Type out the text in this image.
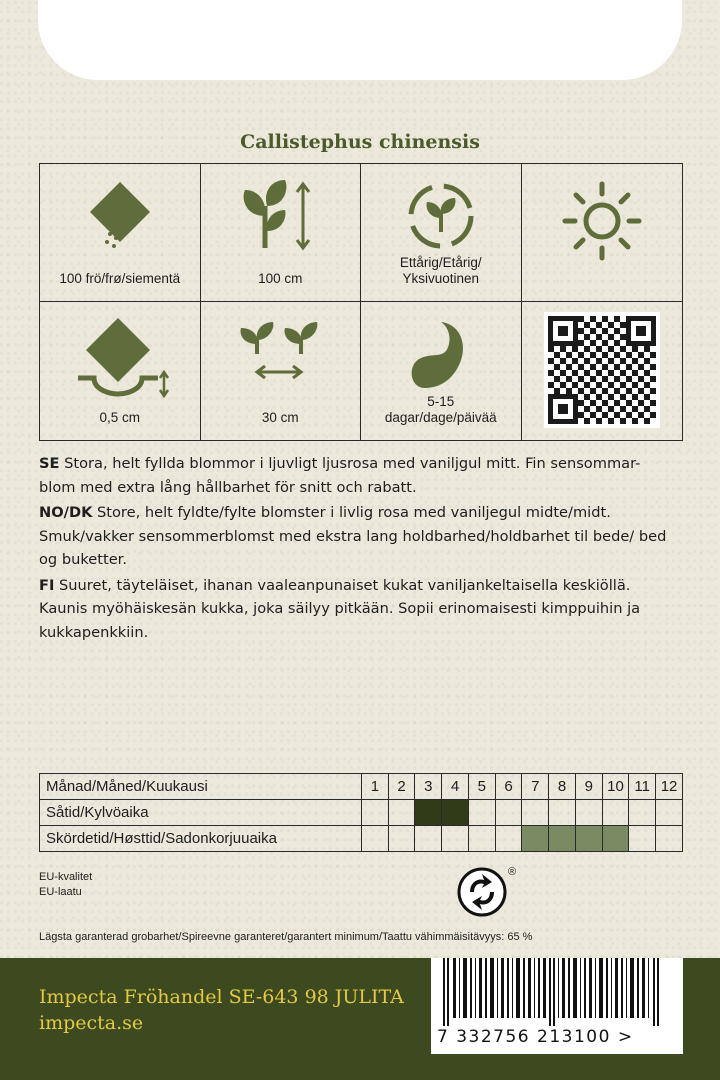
Callistephus chinensis
100 frö/frø/siementä	100 cm
Ettårig/Etårig/
Yksivuotinen
0,5 cm	30 cm
5-15
dagar/dage/päivää

SE Stora, helt fyllda blommor i ljuvligt ljusrosa med vaniljgul mitt. Fin sensommar- blom med extra lång hållbarhet för snitt och rabatt.

NO/DK Store, helt fyldte/fylte blomster i livlig rosa med vaniljegul midte/midt. Smuk/vakker sensommerblomst med ekstra lang holdbarhed/holdbarhet til bede/ bed og buketter.

FI Suuret, täyteläiset, ihanan vaaleanpunaiset kukat vaniljankeltaisella keskiöllä. Kaunis myöhäiskesän kukka, joka säilyy pitkään. Sopii erinomaisesti kimppuihin ja kukkapenkkiin.

Månad/Måned/Kuukausi	1	2	3	4	5	6	7	8	9	10	11	12
Såtid/Kylvöaika												
Skördetid/Høsttid/Sadonkorjuuaika												
EU-kvalitet
EU-laatu
®
Lägsta garanterad grobarhet/Spireevne garanteret/garantert minimum/Taattu vähimmäisitävyys: 65 %
Impecta Fröhandel SE-643 98 JULITA
impecta.se
7 332756 213100 >
